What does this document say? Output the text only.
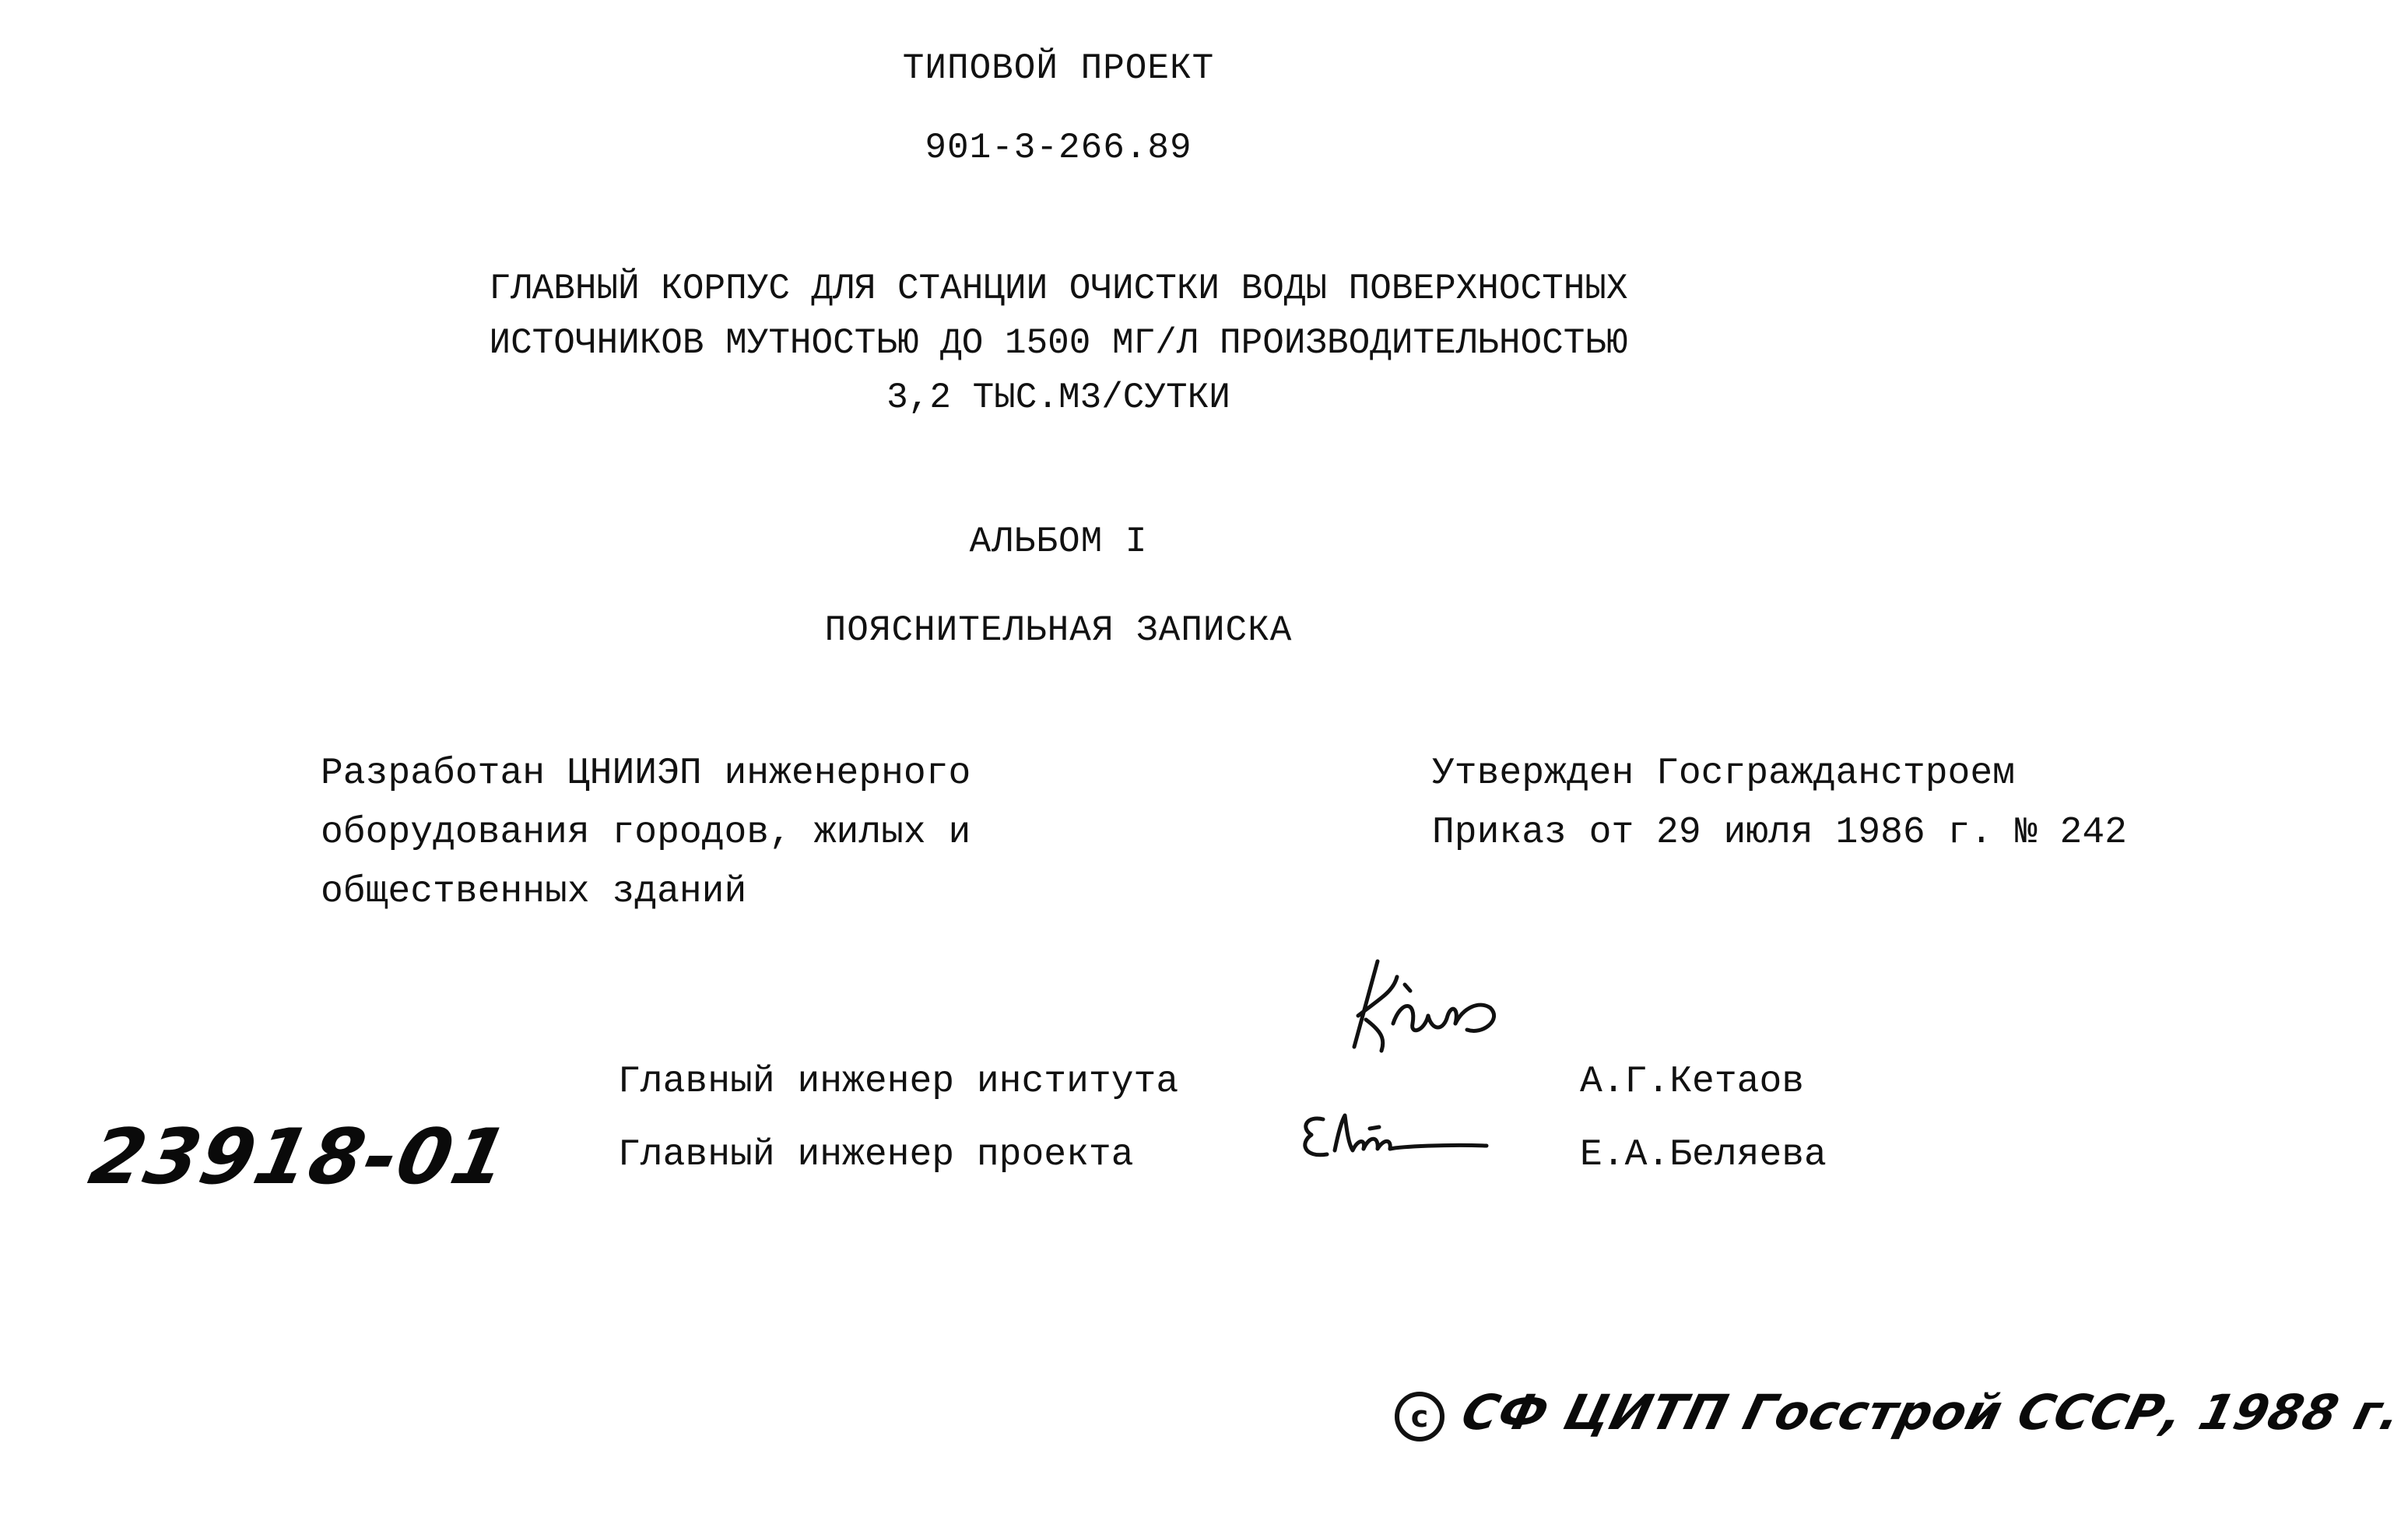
ТИПОВОЙ ПРОЕКТ
901-3-266.89
ГЛАВНЫЙ КОРПУС ДЛЯ СТАНЦИИ ОЧИСТКИ ВОДЫ ПОВЕРХНОСТНЫХ
ИСТОЧНИКОВ МУТНОСТЬЮ ДО 1500 МГ/Л ПРОИЗВОДИТЕЛЬНОСТЬЮ
3,2 ТЫС.М3/СУТКИ
АЛЬБОМ I
ПОЯСНИТЕЛЬНАЯ ЗАПИСКА
Разработан ЦНИИЭП инженерного
оборудования городов, жилых и
общественных зданий
Утвержден Госгражданстроем
Приказ от 29 июля 1986 г. № 242
Главный инженер института	А.Г.Кетаов
Главный инженер проекта	Е.А.Беляева
23918-01
c СФ ЦИТП Госстрой СССР, 1988 г.
